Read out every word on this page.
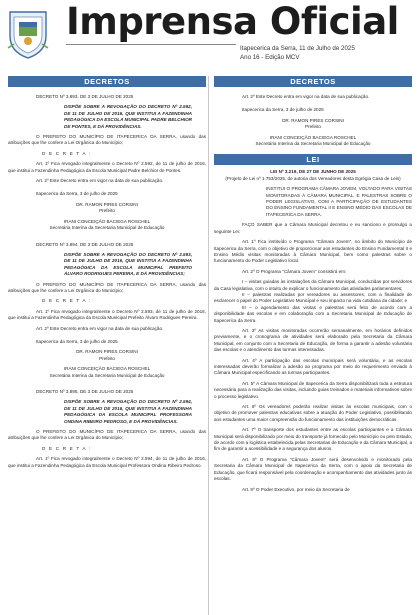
Imprensa Oficial
Itapecerica da Serra, 11 de Julho de 2025
Ano 16 - Edição MCV
DECRETOS
DECRETO Nº 3.893, DE 3 DE JULHO DE 2025
DISPÕE SOBRE A REVOGAÇÃO DO DECRETO Nº 2.592, DE 11 DE JULHO DE 2016, QUE INSTITUI A FAZENDINHA PEDAGÓGICA DA ESCOLA MUNICIPAL PADRE BELCHIOR DE PONTES, E DÁ PROVIDÊNCIAS.
O PREFEITO DO MUNICÍPIO DE ITAPECERICA DA SERRA, usando das atribuições que lhe confere a Lei Orgânica do Município;
D E C R E T A :
Art. 1º Fica revogado integralmente o Decreto Nº 2.592, de 11 de julho de 2016, que institui a Fazendinha Pedagógica da Escola Municipal Padre Belchior de Pontes.
Art. 2º Este Decreto entra em vigor na data de sua publicação.
Itapecerica da Serra, 3 de julho de 2025
DR. RAMON PIRES CORSINI
Prefeito
IRANI CONCEIÇÃO BACIEGA ROSCHEL
Secretária Interina da Secretaria Municipal de Educação
DECRETO Nº 3.894, DE 3 DE JULHO DE 2025
DISPÕE SOBRE A REVOGAÇÃO DO DECRETO Nº 2.593, DE 11 DE JULHO DE 2016, QUE INSTITUI A FAZENDINHA PEDAGÓGICA DA ESCOLA MUNICIPAL PREFEITO ÁLVARO RODRIGUES PEREIRA, E DÁ PROVIDÊNCIAS;
O PREFEITO DO MUNICÍPIO DE ITAPECERICA DA SERRA, usando das atribuições que lhe confere a Lei Orgânica do Município;
D E C R E T A :
Art. 1º Fica revogado integralmente o Decreto Nº 2.593, de 11 de julho de 2016, que institui a Fazendinha Pedagógica da Escola Municipal Prefeito Álvaro Rodrigues Pereira.
Art. 2º Este Decreto entra em vigor na data de sua publicação.
Itapecerica da Serra, 3 de julho de 2025
DR. RAMON PIRES CORSINI
Prefeito
IRANI CONCEIÇÃO BACIEGA ROSCHEL
Secretária Interina da Secretaria Municipal de Educação
DECRETO Nº 3.895, DE 3 DE JULHO DE 2025
DISPÕE SOBRE A REVOGAÇÃO DO DECRETO Nº 2.594, DE 11 DE JULHO DE 2016, QUE INSTITUI A FAZENDINHA PEDAGÓGICA DA ESCOLA MUNICIPAL PROFESSORA ONDINA RIBEIRO PEDROSO, E DÁ PROVIDÊNCIAS.
O PREFEITO DO MUNICÍPIO DE ITAPECERICA DA SERRA, usando das atribuições que lhe confere a Lei Orgânica do Município;
D E C R E T A :
Art. 1º Fica revogado integralmente o Decreto Nº 2.594, de 11 de julho de 2016, que institui a Fazendinha Pedagógica da Escola Municipal Professora Ondina Ribeiro Pedroso.
DECRETOS
Art. 2º Este Decreto entra em vigor na data de sua publicação.
Itapecerica da Serra, 3 de julho de 2025
DR. RAMON PIRES CORSINI
Prefeito
IRANI CONCEIÇÃO BACIEGA ROSCHEL
Secretária Interina da Secretaria Municipal de Educação
LEI
LEI Nº 3.219, DE 27 DE JUNHO DE 2025
(Projeto de Lei nº 1.753/2025, de autoria dos Vereadores desta Egrégia Casa de Leis)
INSTITUI O PROGRAMA CÂMARA JOVEM, VOLTADO PARA VISITAS MONITORADAS À CÂMARA MUNICIPAL, E PALESTRAS SOBRE O PODER LEGISLATIVO, COM A PARTICIPAÇÃO DE ESTUDANTES DO ENSINO FUNDAMENTAL II E ENSINO MÉDIO DAS ESCOLAS DE ITAPECERICA DA SERRA.
FAÇO SABER que a Câmara Municipal decretou e eu sanciono e promulgo a seguinte Lei:
Art. 1º Fica instituído o Programa "Câmara Jovem", no âmbito do Município de Itapecerica da Serra, com o objetivo de proporcionar aos estudantes do Ensino Fundamental II e Ensino Médio visitas monitoradas à Câmara Municipal, bem como palestras sobre o funcionamento do Poder Legislativo local.
Art. 2º O Programa "Câmara Jovem" consistirá em:
I – visitas guiadas às instalações da Câmara Municipal, conduzidas por servidores da Casa legislativa, com o intuito de explicar o funcionamento das atividades parlamentares;
II – palestras realizadas por vereadores ou assessores, com a finalidade de esclarecer o papel do Poder Legislativo Municipal e seu impacto na vida cotidiana da cidade; e
III – o agendamento das visitas e palestras será feito de acordo com a disponibilidade das escolas e em colaboração com a Secretaria Municipal de Educação de Itapecerica da Serra.
Art. 3º As visitas monitoradas ocorrerão semanalmente, em horários definidos previamente, e o cronograma de atividades será elaborado pela Secretaria da Câmara Municipal, em conjunto com a Secretaria de Educação, de forma a garantir a adesão voluntária das escolas e o atendimento das turmas interessadas.
Art. 4º A participação das escolas municipais será voluntária, e as escolas interessadas deverão formalizar a adesão ao programa por meio do requerimento enviado à Câmara Municipal especificando as turmas participantes.
Art. 5º A Câmara Municipal de Itapecerica da Serra disponibilizará toda a estrutura necessária para a realização das visitas, incluindo guias treinados e materiais informativos sobre o processo legislativo.
Art. 6º Os vereadores poderão realizar visitas às escolas municipais, com o objetivo de promover palestras educativas sobre a atuação do Poder Legislativo, possibilitando aos estudantes uma maior compreensão do funcionamento das instituições democráticas.
Art. 7º O transporte dos estudantes entre as escolas participantes e a Câmara Municipal será disponibilizado por meio do transporte já fornecido pelo Município ou pelo Estado, de acordo com a logística estabelecida pelas Secretarias de Educação e da Câmara Municipal, a fim de garantir a acessibilidade e a segurança dos alunos.
Art. 8º O Programa "Câmara Jovem" será desenvolvido e monitorado pela Secretaria da Câmara Municipal de Itapecerica da Serra, com o apoio da Secretaria de Educação, que ficará responsável pela coordenação e acompanhamento das atividades junto às escolas.
Art. 9º O Poder Executivo, por meio da Secretaria de
